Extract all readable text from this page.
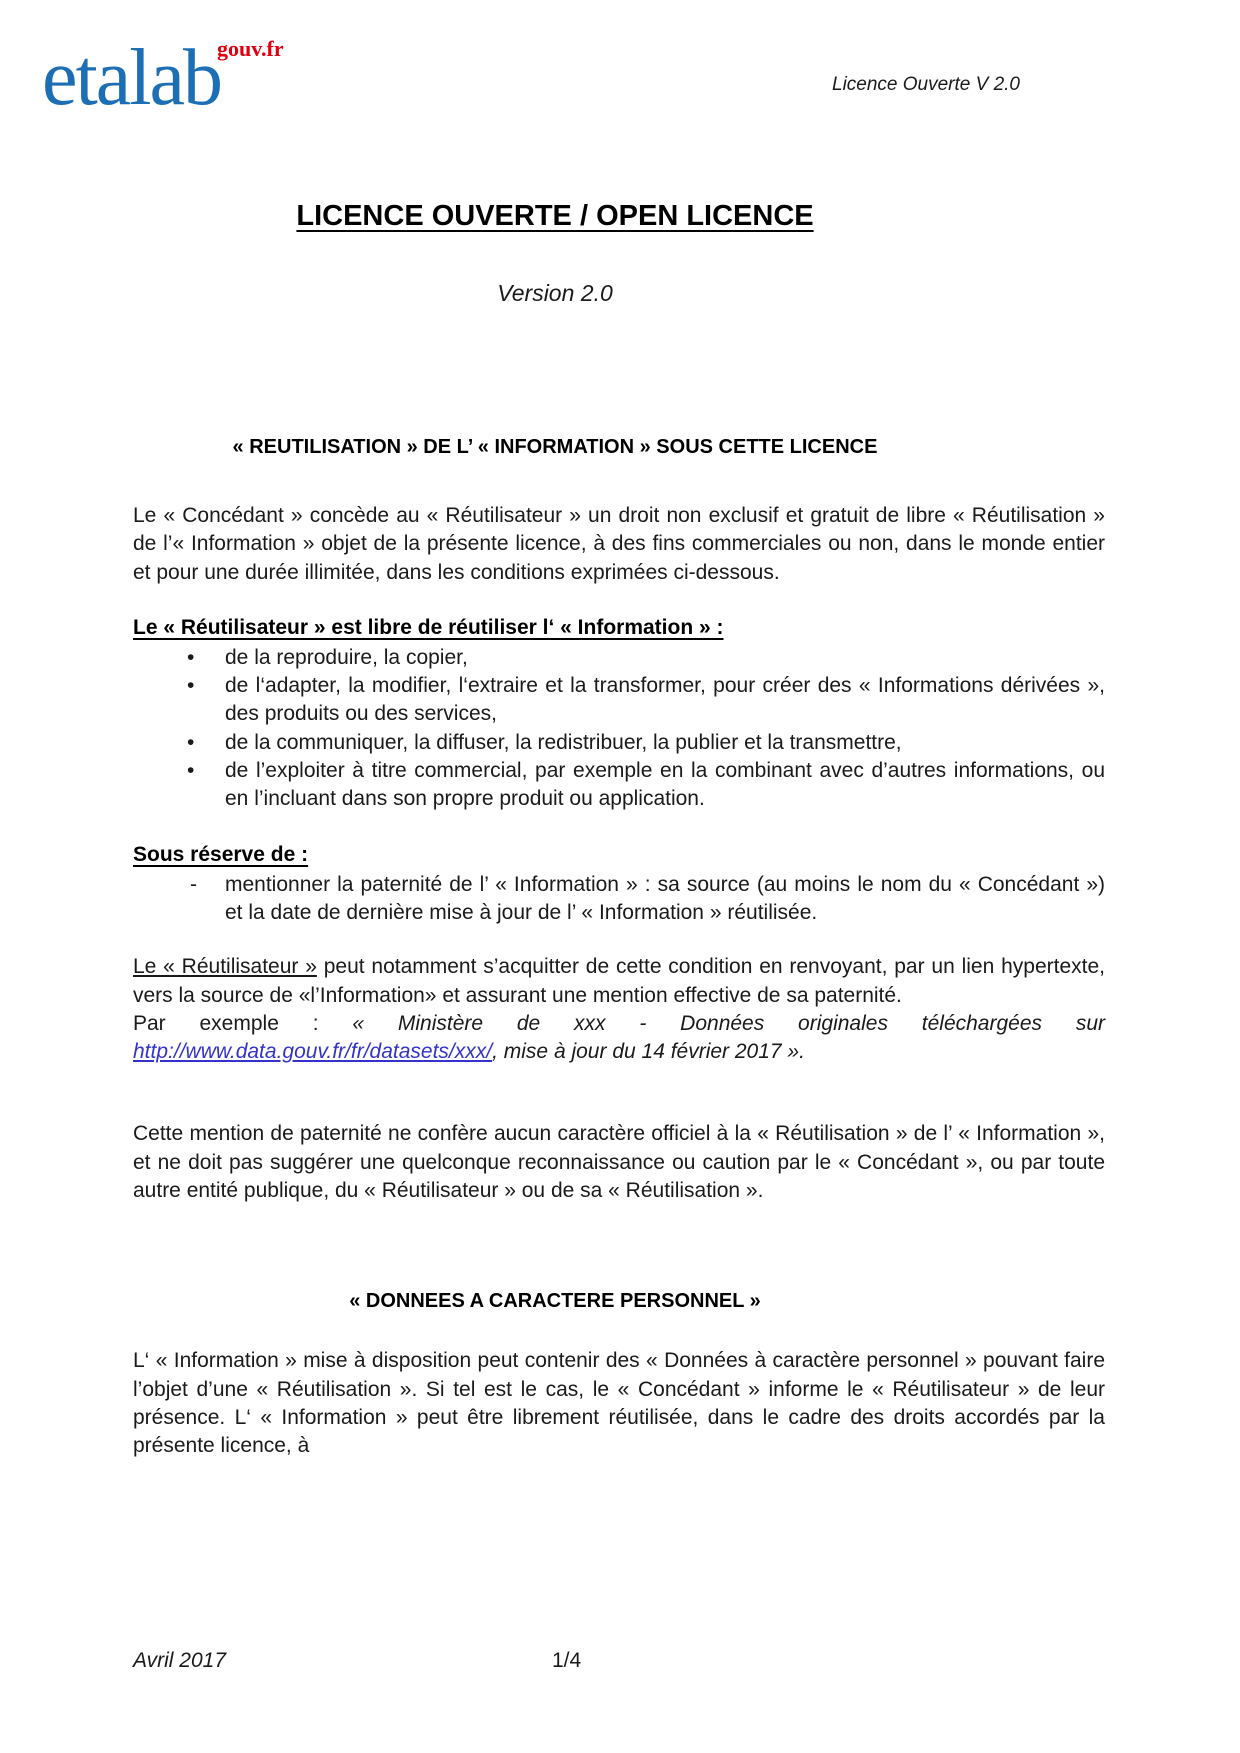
etalabgouv.fr
Licence Ouverte V 2.0
LICENCE OUVERTE / OPEN LICENCE
Version 2.0
« REUTILISATION » DE L’ « INFORMATION » SOUS CETTE LICENCE

Le « Concédant » concède au « Réutilisateur » un droit non exclusif et gratuit de libre « Réutilisation » de l’« Information » objet de la présente licence, à des fins commerciales ou non, dans le monde entier et pour une durée illimitée, dans les conditions exprimées ci-dessous.

Le « Réutilisateur » est libre de réutiliser l‘ « Information » :
• de la reproduire, la copier,
• de l‘adapter, la modifier, l‘extraire et la transformer, pour créer des « Informations dérivées », des produits ou des services,
• de la communiquer, la diffuser, la redistribuer, la publier et la transmettre,
• de l’exploiter à titre commercial, par exemple en la combinant avec d’autres informations, ou en l’incluant dans son propre produit ou application.
Sous réserve de :
- mentionner la paternité de l’ « Information » : sa source (au moins le nom du « Concédant ») et la date de dernière mise à jour de l’ « Information » réutilisée.

Le « Réutilisateur » peut notamment s’acquitter de cette condition en renvoyant, par un lien hypertexte, vers la source de «l’Information» et assurant une mention effective de sa paternité.

Par exemple : « Ministère de xxx - Données originales téléchargées sur http://www.data.gouv.fr/fr/datasets/xxx/, mise à jour du 14 février 2017 ».

Cette mention de paternité ne confère aucun caractère officiel à la « Réutilisation » de l’ « Information », et ne doit pas suggérer une quelconque reconnaissance ou caution par le « Concédant », ou par toute autre entité publique, du « Réutilisateur » ou de sa « Réutilisation ».

« DONNEES A CARACTERE PERSONNEL »

L‘ « Information » mise à disposition peut contenir des « Données à caractère personnel » pouvant faire l’objet d’une « Réutilisation ». Si tel est le cas, le « Concédant » informe le « Réutilisateur » de leur présence. L‘ « Information » peut être librement réutilisée, dans le cadre des droits accordés par la présente licence, à

Avril 2017	1/4
